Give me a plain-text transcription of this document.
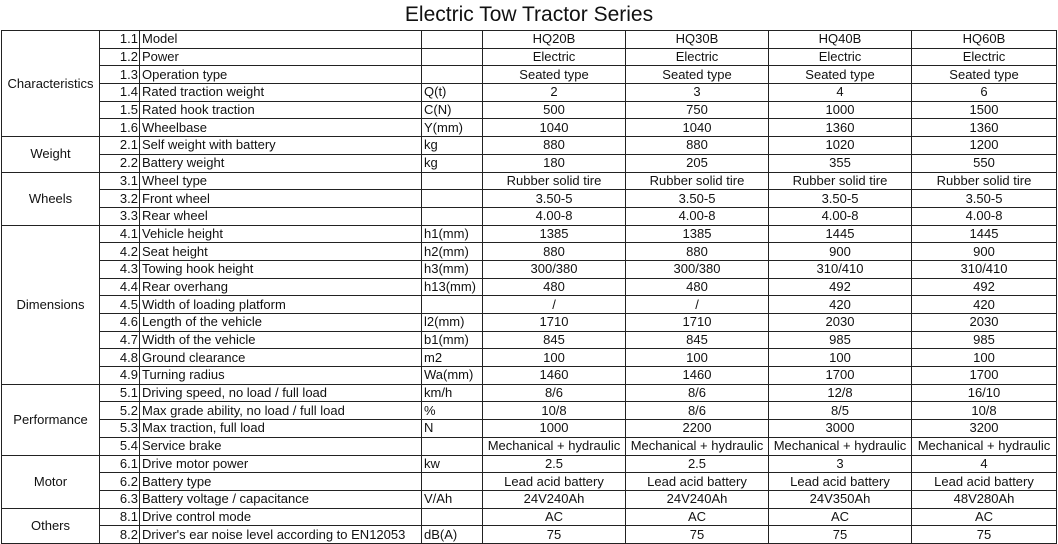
Electric Tow Tractor Series
Characteristics	1.1	Model		HQ20B	HQ30B	HQ40B	HQ60B
	1.2	Power		Electric	Electric	Electric	Electric
	1.3	Operation type		Seated type	Seated type	Seated type	Seated type
	1.4	Rated traction weight	Q(t)	2	3	4	6
	1.5	Rated hook traction	C(N)	500	750	1000	1500
	1.6	Wheelbase	Y(mm)	1040	1040	1360	1360
Weight	2.1	Self weight with battery	kg	880	880	1020	1200
	2.2	Battery weight	kg	180	205	355	550
Wheels	3.1	Wheel type		Rubber solid tire	Rubber solid tire	Rubber solid tire	Rubber solid tire
	3.2	Front wheel		3.50-5	3.50-5	3.50-5	3.50-5
	3.3	Rear wheel		4.00-8	4.00-8	4.00-8	4.00-8
Dimensions	4.1	Vehicle height	h1(mm)	1385	1385	1445	1445
	4.2	Seat height	h2(mm)	880	880	900	900
	4.3	Towing hook height	h3(mm)	300/380	300/380	310/410	310/410
	4.4	Rear overhang	h13(mm)	480	480	492	492
	4.5	Width of loading platform		/	/	420	420
	4.6	Length of the vehicle	l2(mm)	1710	1710	2030	2030
	4.7	Width of the vehicle	b1(mm)	845	845	985	985
	4.8	Ground clearance	m2	100	100	100	100
	4.9	Turning radius	Wa(mm)	1460	1460	1700	1700
Performance	5.1	Driving speed, no load / full load	km/h	8/6	8/6	12/8	16/10
	5.2	Max grade ability, no load / full load	%	10/8	8/6	8/5	10/8
	5.3	Max traction, full load	N	1000	2200	3000	3200
	5.4	Service brake		Mechanical + hydraulic	Mechanical + hydraulic	Mechanical + hydraulic	Mechanical + hydraulic
Motor	6.1	Drive motor power	kw	2.5	2.5	3	4
	6.2	Battery type		Lead acid battery	Lead acid battery	Lead acid battery	Lead acid battery
	6.3	Battery voltage / capacitance	V/Ah	24V240Ah	24V240Ah	24V350Ah	48V280Ah
Others	8.1	Drive control mode		AC	AC	AC	AC
	8.2	Driver's ear noise level according to EN12053	dB(A)	75	75	75	75
